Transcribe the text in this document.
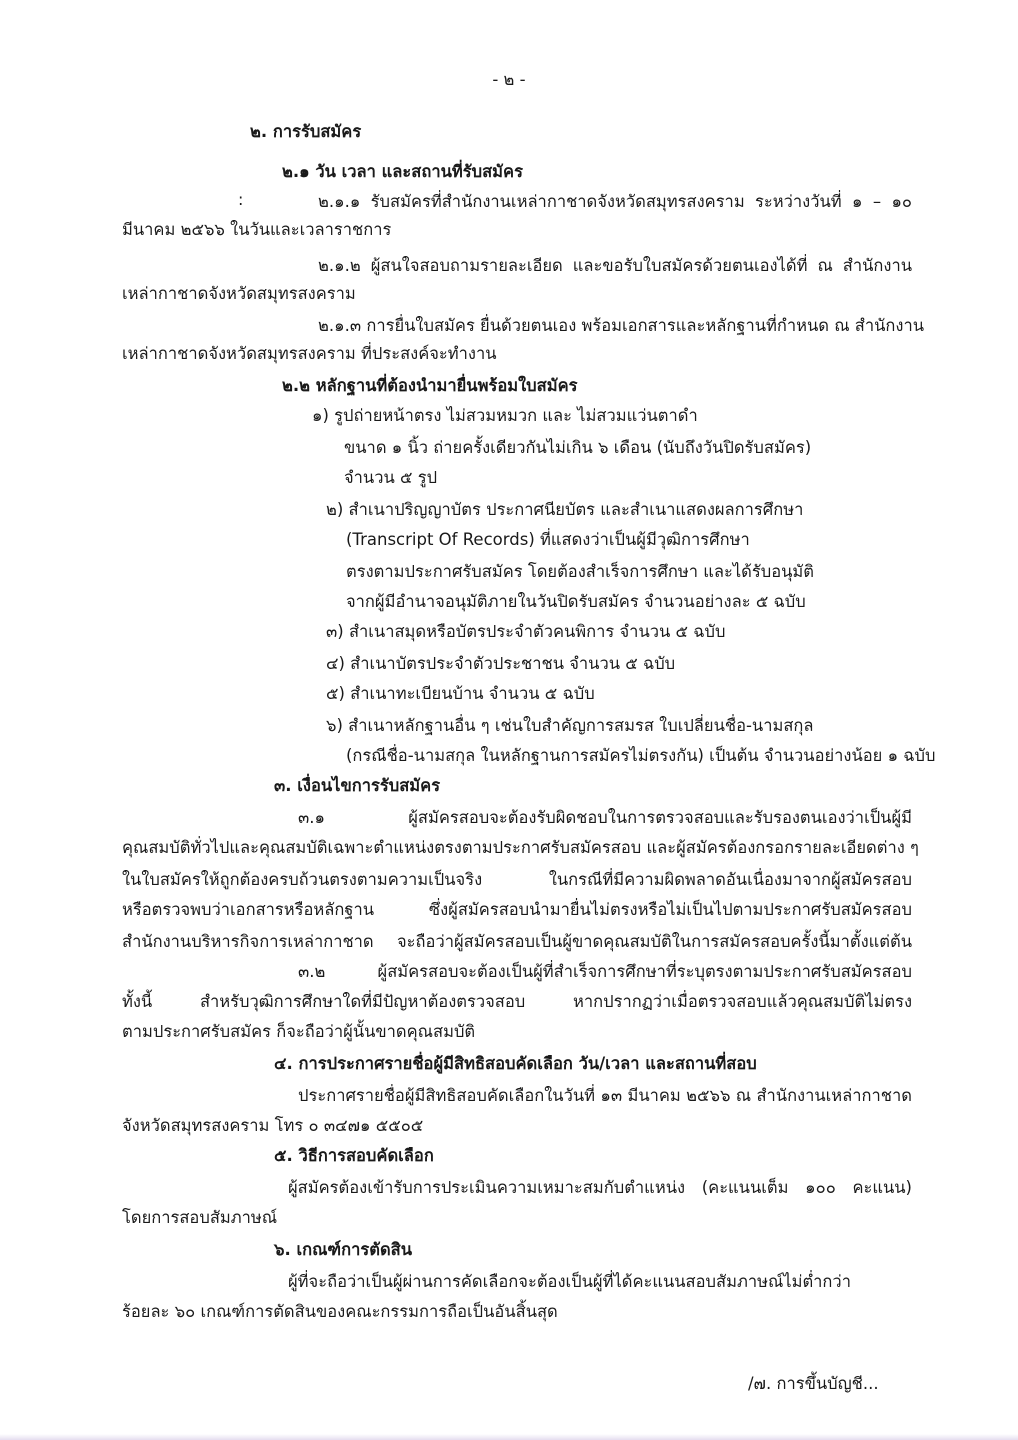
- ๒ -
๒. การรับสมัคร
๒.๑ วัน เวลา และสถานที่รับสมัคร
:	๒.๑.๑ รับสมัครที่สำนักงานเหล่ากาชาดจังหวัดสมุทรสงคราม ระหว่างวันที่ ๑ – ๑๐
มีนาคม ๒๕๖๖ ในวันและเวลาราชการ
๒.๑.๒ ผู้สนใจสอบถามรายละเอียด และขอรับใบสมัครด้วยตนเองได้ที่ ณ สำนักงาน
เหล่ากาชาดจังหวัดสมุทรสงคราม
๒.๑.๓ การยื่นใบสมัคร ยื่นด้วยตนเอง พร้อมเอกสารและหลักฐานที่กำหนด ณ สำนักงาน
เหล่ากาชาดจังหวัดสมุทรสงคราม ที่ประสงค์จะทำงาน
๒.๒ หลักฐานที่ต้องนำมายื่นพร้อมใบสมัคร
๑) รูปถ่ายหน้าตรง ไม่สวมหมวก และ ไม่สวมแว่นตาดำ
ขนาด ๑ นิ้ว ถ่ายครั้งเดียวกันไม่เกิน ๖ เดือน (นับถึงวันปิดรับสมัคร)
จำนวน ๕ รูป
๒) สำเนาปริญญาบัตร ประกาศนียบัตร และสำเนาแสดงผลการศึกษา
(Transcript Of Records) ที่แสดงว่าเป็นผู้มีวุฒิการศึกษา
ตรงตามประกาศรับสมัคร โดยต้องสำเร็จการศึกษา และได้รับอนุมัติ
จากผู้มีอำนาจอนุมัติภายในวันปิดรับสมัคร จำนวนอย่างละ ๕ ฉบับ
๓) สำเนาสมุดหรือบัตรประจำตัวคนพิการ จำนวน ๕ ฉบับ
๔) สำเนาบัตรประจำตัวประชาชน จำนวน ๕ ฉบับ
๕) สำเนาทะเบียนบ้าน จำนวน ๕ ฉบับ
๖) สำเนาหลักฐานอื่น ๆ เช่นใบสำคัญการสมรส ใบเปลี่ยนชื่อ-นามสกุล
(กรณีชื่อ-นามสกุล ในหลักฐานการสมัครไม่ตรงกัน) เป็นต้น จำนวนอย่างน้อย ๑ ฉบับ
๓. เงื่อนไขการรับสมัคร
๓.๑ ผู้สมัครสอบจะต้องรับผิดชอบในการตรวจสอบและรับรองตนเองว่าเป็นผู้มี
คุณสมบัติทั่วไปและคุณสมบัติเฉพาะตำแหน่งตรงตามประกาศรับสมัครสอบ และผู้สมัครต้องกรอกรายละเอียดต่าง ๆ
ในใบสมัครให้ถูกต้องครบถ้วนตรงตามความเป็นจริง ในกรณีที่มีความผิดพลาดอันเนื่องมาจากผู้สมัครสอบ
หรือตรวจพบว่าเอกสารหรือหลักฐาน ซึ่งผู้สมัครสอบนำมายื่นไม่ตรงหรือไม่เป็นไปตามประกาศรับสมัครสอบ
สำนักงานบริหารกิจการเหล่ากาชาด จะถือว่าผู้สมัครสอบเป็นผู้ขาดคุณสมบัติในการสมัครสอบครั้งนี้มาตั้งแต่ต้น
๓.๒ ผู้สมัครสอบจะต้องเป็นผู้ที่สำเร็จการศึกษาที่ระบุตรงตามประกาศรับสมัครสอบ
ทั้งนี้ สำหรับวุฒิการศึกษาใดที่มีปัญหาต้องตรวจสอบ หากปรากฏว่าเมื่อตรวจสอบแล้วคุณสมบัติไม่ตรง
ตามประกาศรับสมัคร ก็จะถือว่าผู้นั้นขาดคุณสมบัติ
๔. การประกาศรายชื่อผู้มีสิทธิสอบคัดเลือก วัน/เวลา และสถานที่สอบ
ประกาศรายชื่อผู้มีสิทธิสอบคัดเลือกในวันที่ ๑๓ มีนาคม ๒๕๖๖ ณ สำนักงานเหล่ากาชาด
จังหวัดสมุทรสงคราม โทร ๐ ๓๔๗๑ ๕๕๐๕
๕. วิธีการสอบคัดเลือก
ผู้สมัครต้องเข้ารับการประเมินความเหมาะสมกับตำแหน่ง (คะแนนเต็ม ๑๐๐ คะแนน)
โดยการสอบสัมภาษณ์
๖. เกณฑ์การตัดสิน
ผู้ที่จะถือว่าเป็นผู้ผ่านการคัดเลือกจะต้องเป็นผู้ที่ได้คะแนนสอบสัมภาษณ์ไม่ต่ำกว่า
ร้อยละ ๖๐ เกณฑ์การตัดสินของคณะกรรมการถือเป็นอันสิ้นสุด
/๗. การขึ้นบัญชี...
